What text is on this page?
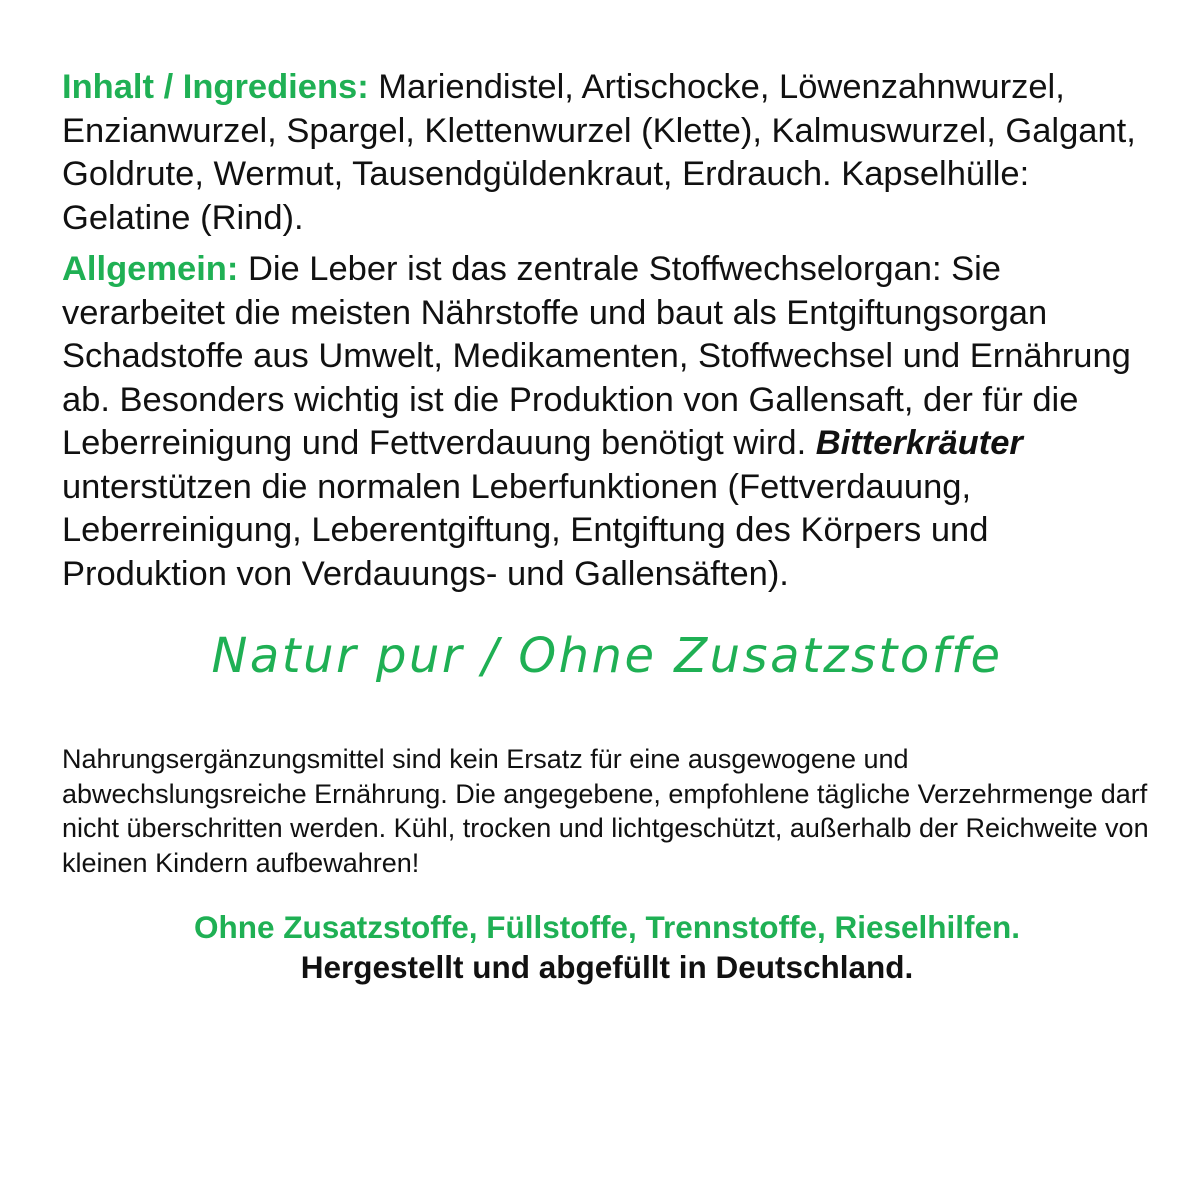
Inhalt / Ingrediens: Mariendistel, Artischocke, Löwenzahnwurzel, Enzianwurzel, Spargel, Klettenwurzel (Klette), Kalmuswurzel, Galgant, Goldrute, Wermut, Tausendgüldenkraut, Erdrauch. Kapselhülle: Gelatine (Rind).

Allgemein: Die Leber ist das zentrale Stoffwechselorgan: Sie verarbeitet die meisten Nährstoffe und baut als Entgiftungsorgan Schadstoffe aus Umwelt, Medikamenten, Stoffwechsel und Ernährung ab. Besonders wichtig ist die Produktion von Gallensaft, der für die Leberreinigung und Fettverdauung benötigt wird. Bitterkräuter unterstützen die normalen Leberfunktionen (Fettverdauung, Leberreinigung, Leberentgiftung, Entgiftung des Körpers und Produktion von Verdauungs- und Gallensäften).

Natur pur / Ohne Zusatzstoffe

Nahrungsergänzungsmittel sind kein Ersatz für eine ausgewogene und abwechslungsreiche Ernährung. Die angegebene, empfohlene tägliche Verzehrmenge darf nicht überschritten werden. Kühl, trocken und lichtgeschützt, außerhalb der Reichweite von kleinen Kindern aufbewahren!

Ohne Zusatzstoffe, Füllstoffe, Trennstoffe, Rieselhilfen.
Hergestellt und abgefüllt in Deutschland.
